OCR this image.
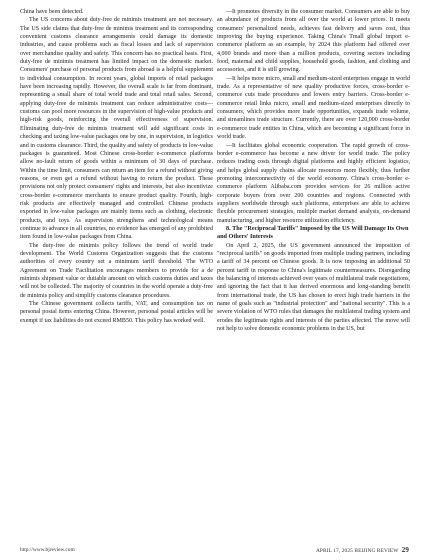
China have been detected.

The US concerns about duty-free de minimis treatment are not necessary. The US side claims that duty-free de minimis treatment and its corresponding convenient customs clearance arrangements could damage its domestic industries, and cause problems such as fiscal losses and lack of supervision over merchandise quality and safety. This concern has no practical basis. First, duty-free de minimis treatment has limited impact on the domestic market. Consumers' purchase of personal products from abroad is a helpful supplement to individual consumption. In recent years, global imports of retail packages have been increasing rapidly. However, the overall scale is far from dominant, representing a small share of total world trade and total retail sales. Second, applying duty-free de minimis treatment can reduce administrative costs—customs can pool more resources in the supervision of high-value products and high-risk goods, reinforcing the overall effectiveness of supervision. Eliminating duty-free de minimis treatment will add significant costs in checking and taxing low-value packages one by one, in supervision, in logistics and in customs clearance. Third, the quality and safety of products in low-value packages is guaranteed. Most Chinese cross-border e-commerce platforms allow no-fault return of goods within a minimum of 30 days of purchase. Within the time limit, consumers can return an item for a refund without giving reasons, or even get a refund without having to return the product. These provisions not only protect consumers' rights and interests, but also incentivize cross-border e-commerce merchants to ensure product quality. Fourth, high-risk products are effectively managed and controlled. Chinese products exported in low-value packages are mainly items such as clothing, electronic products, and toys. As supervision strengthens and technological means continue to advance in all countries, no evidence has emerged of any prohibited item found in low-value packages from China.

The duty-free de minimis policy follows the trend of world trade development. The World Customs Organization suggests that the customs authorities of every country set a minimum tariff threshold. The WTO Agreement on Trade Facilitation encourages members to provide for a de minimis shipment value or dutiable amount on which customs duties and taxes will not be collected. The majority of countries in the world operate a duty-free de minimis policy and simplify customs clearance procedures.

The Chinese government collects tariffs, VAT, and consumption tax on personal postal items entering China. However, personal postal articles will be exempt if tax liabilities do not exceed RMB50. This policy has worked well.

—It promotes diversity in the consumer market. Consumers are able to buy an abundance of products from all over the world at lower prices. It meets consumers' personalized needs, achieves fast delivery and saves cost, thus improving the buying experience. Taking China's Tmall global import e-commerce platform as an example, by 2024 this platform had offered over 4,000 brands and more than a million products, covering sectors including food, maternal and child supplies, household goods, fashion, and clothing and accessories, and it is still growing.

—It helps more micro, small and medium-sized enterprises engage in world trade. As a representative of new quality productive forces, cross-border e-commerce cuts trade procedures and lowers entry barriers. Cross-border e-commerce retail links micro, small and medium-sized enterprises directly to consumers, which provides more trade opportunities, expands trade volume, and streamlines trade structure. Currently, there are over 120,000 cross-border e-commerce trade entities in China, which are becoming a significant force in world trade.

—It facilitates global economic cooperation. The rapid growth of cross-border e-commerce has become a new driver for world trade. The policy reduces trading costs through digital platforms and highly efficient logistics, and helps global supply chains allocate resources more flexibly, thus further promoting interconnectivity of the world economy. China's cross-border e-commerce platform Alibaba.com provides services for 26 million active corporate buyers from over 200 countries and regions. Connected with suppliers worldwide through such platforms, enterprises are able to achieve flexible procurement strategies, multiple market demand analysis, on-demand manufacturing, and higher resource utilization efficiency.

8. The "Reciprocal Tariffs" Imposed by the US Will Damage Its Own and Others' Interests

On April 2, 2025, the US government announced the imposition of "reciprocal tariffs" on goods imported from multiple trading partners, including a tariff of 34 percent on Chinese goods. It is now imposing an additional 50 percent tariff in response to China's legitimate countermeasures. Disregarding the balancing of interests achieved over years of multilateral trade negotiations, and ignoring the fact that it has derived enormous and long-standing benefit from international trade, the US has chosen to erect high trade barriers in the name of goals such as "industrial protection" and "national security". This is a severe violation of WTO rules that damages the multilateral trading system and erodes the legitimate rights and interests of the parties affected. The move will not help to solve domestic economic problems in the US, but

http://www.bjreview.com	APRIL 17, 2025 BEIJING REVIEW 29
